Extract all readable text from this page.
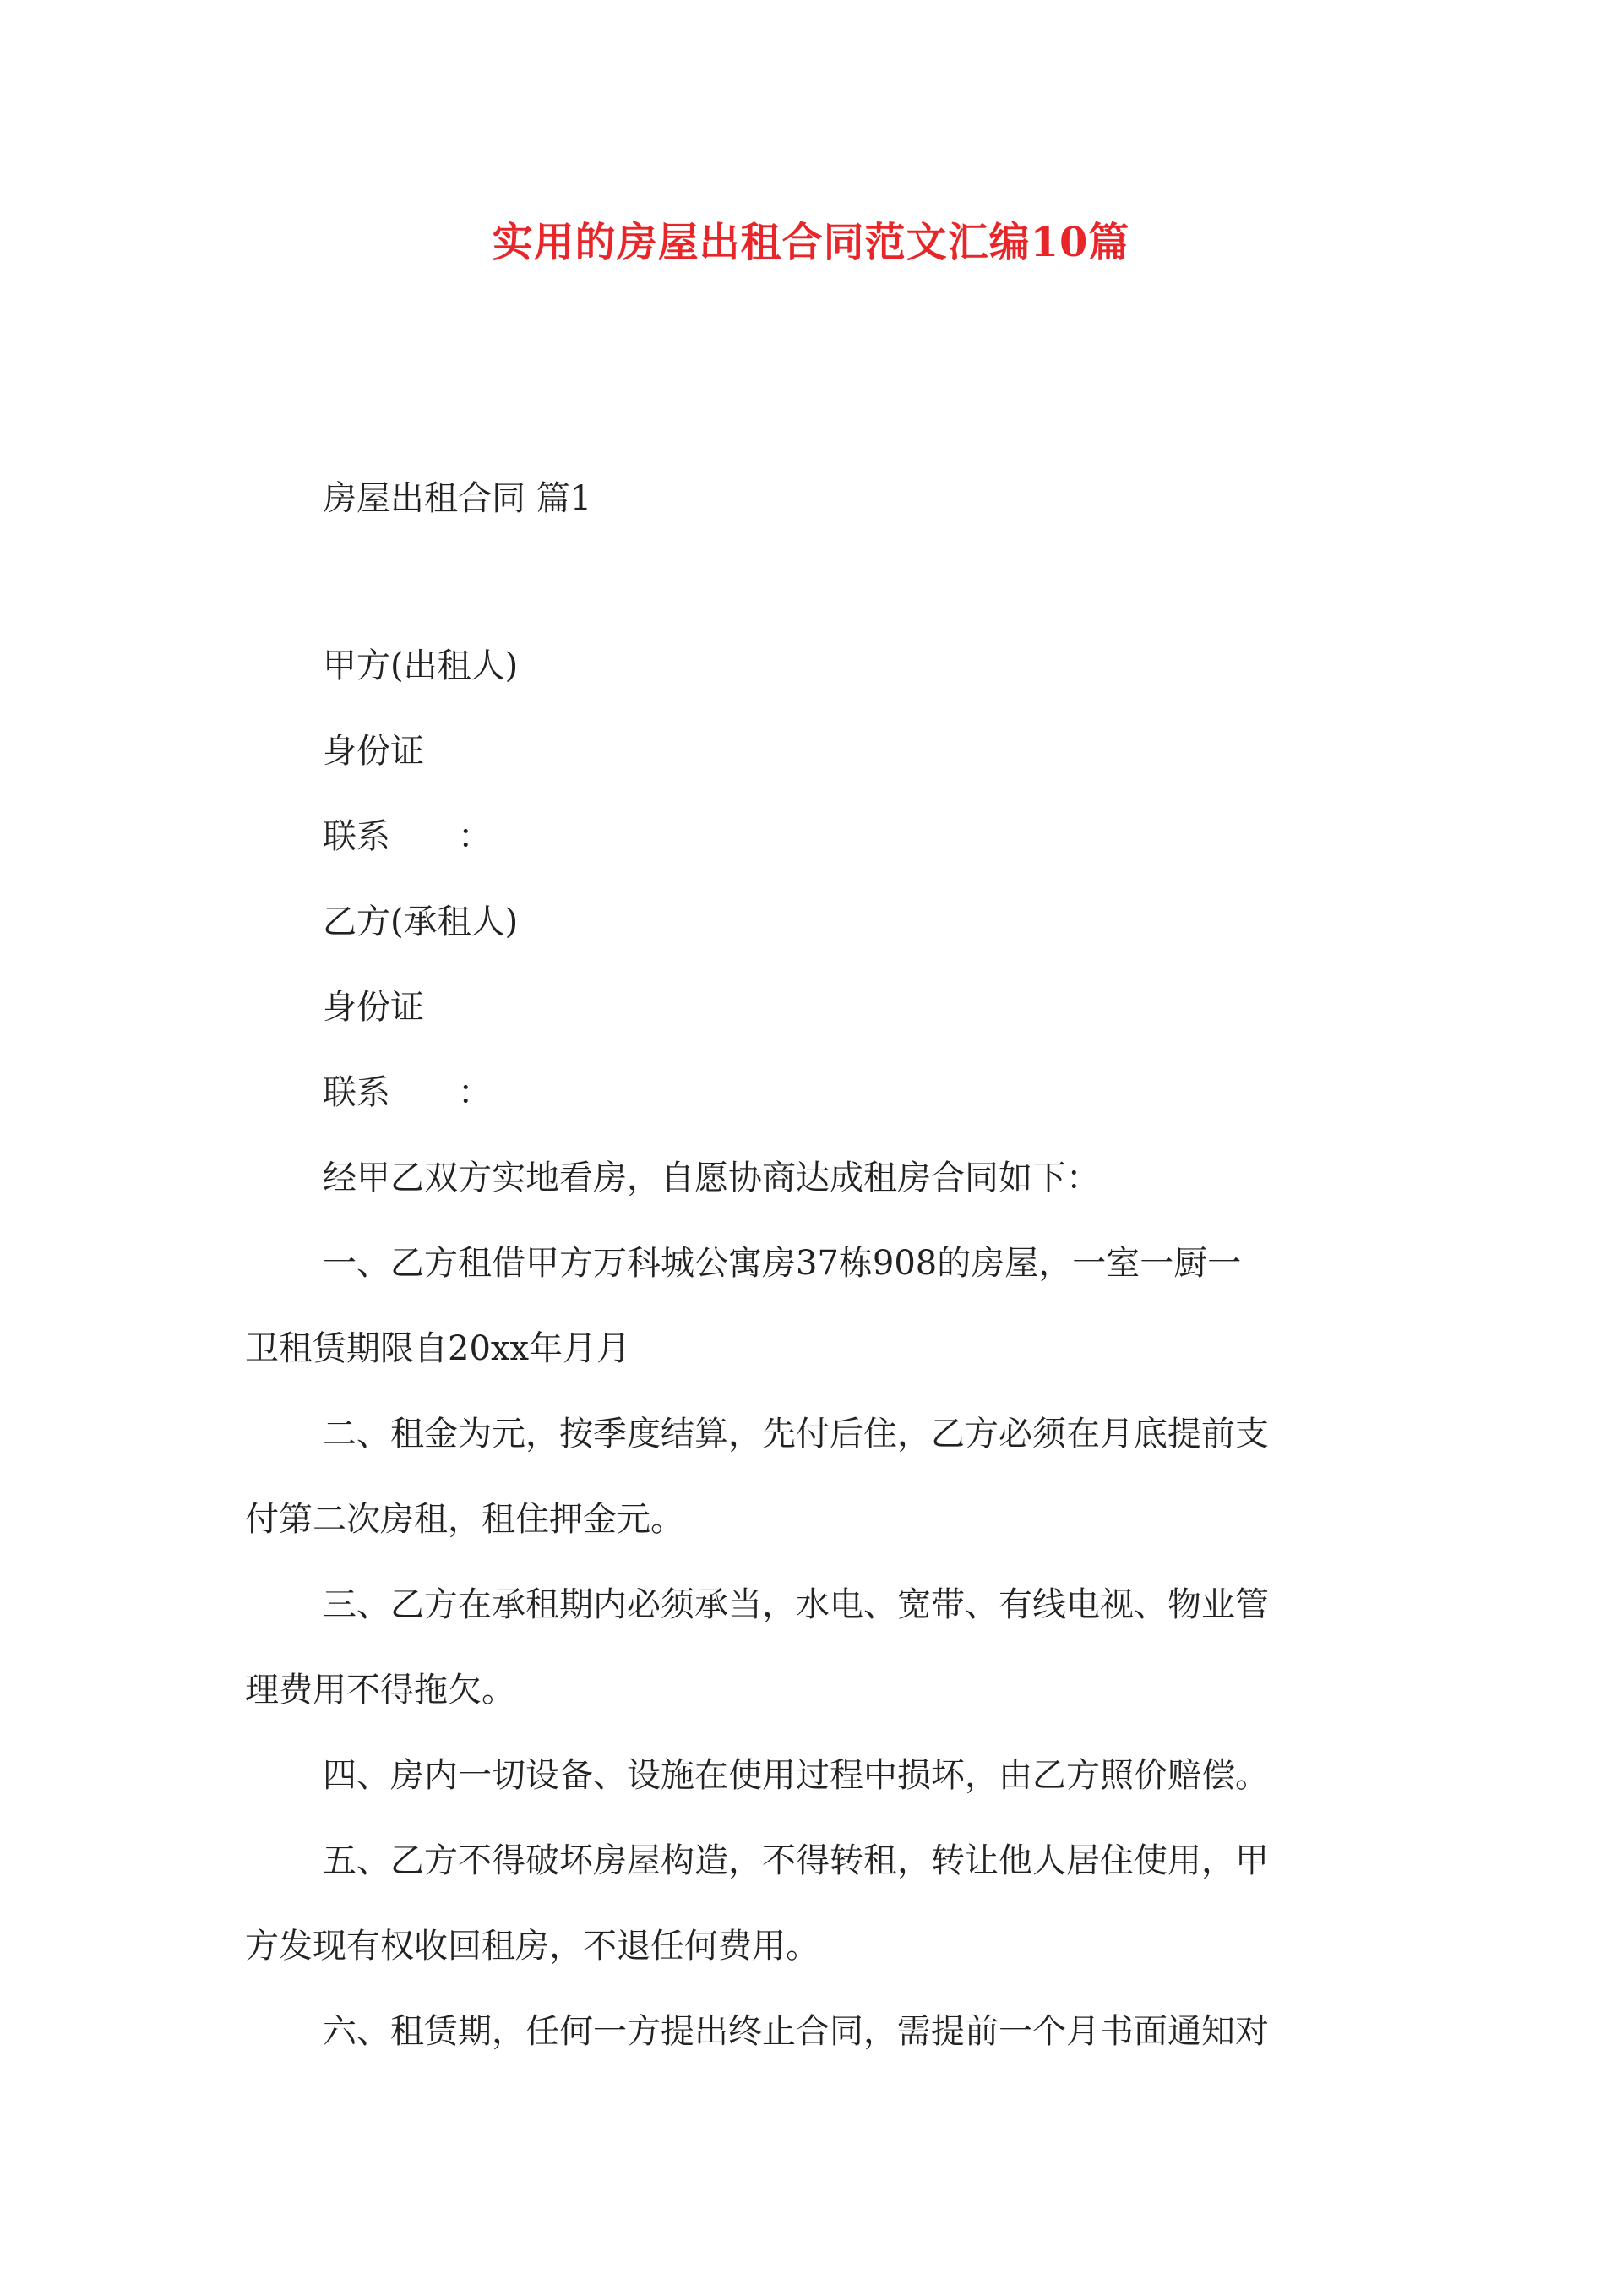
实用的房屋出租合同范文汇编10篇
房屋出租合同 篇1
甲方(出租人)
身份证
联系 ：
乙方(承租人)
身份证
联系 ：
经甲乙双方实地看房，自愿协商达成租房合同如下：
一、乙方租借甲方万科城公寓房37栋908的房屋，一室一厨一
卫租赁期限自20xx年月月
二、租金为元，按季度结算，先付后住，乙方必须在月底提前支
付第二次房租，租住押金元。
三、乙方在承租期内必须承当，水电、宽带、有线电视、物业管
理费用不得拖欠。
四、房内一切设备、设施在使用过程中损坏，由乙方照价赔偿。
五、乙方不得破坏房屋构造，不得转租，转让他人居住使用，甲
方发现有权收回租房，不退任何费用。
六、租赁期，任何一方提出终止合同，需提前一个月书面通知对
